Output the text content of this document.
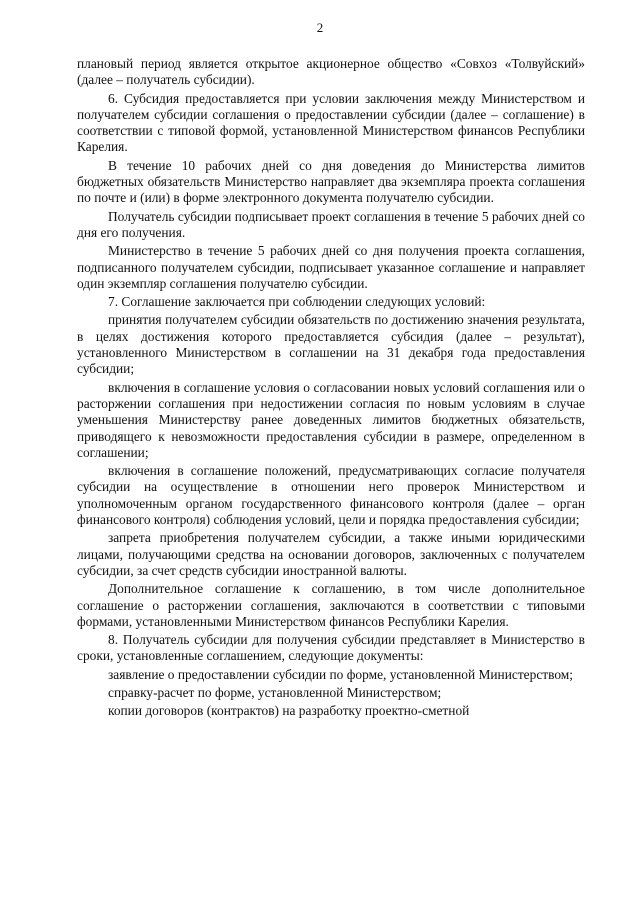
2

плановый период является открытое акционерное общество «Совхоз «Толвуйский» (далее – получатель субсидии).

6. Субсидия предоставляется при условии заключения между Министерством и получателем субсидии соглашения о предоставлении субсидии (далее – соглашение) в соответствии с типовой формой, установленной Министерством финансов Республики Карелия.

В течение 10 рабочих дней со дня доведения до Министерства лимитов бюджетных обязательств Министерство направляет два экземпляра проекта соглашения по почте и (или) в форме электронного документа получателю субсидии.

Получатель субсидии подписывает проект соглашения в течение 5 рабочих дней со дня его получения.

Министерство в течение 5 рабочих дней со дня получения проекта соглашения, подписанного получателем субсидии, подписывает указанное соглашение и направляет один экземпляр соглашения получателю субсидии.

7. Соглашение заключается при соблюдении следующих условий:

принятия получателем субсидии обязательств по достижению значения результата, в целях достижения которого предоставляется субсидия (далее – результат), установленного Министерством в соглашении на 31 декабря года предоставления субсидии;

включения в соглашение условия о согласовании новых условий соглашения или о расторжении соглашения при недостижении согласия по новым условиям в случае уменьшения Министерству ранее доведенных лимитов бюджетных обязательств, приводящего к невозможности предоставления субсидии в размере, определенном в соглашении;

включения в соглашение положений, предусматривающих согласие получателя субсидии на осуществление в отношении него проверок Министерством и уполномоченным органом государственного финансового контроля (далее – орган финансового контроля) соблюдения условий, цели и порядка предоставления субсидии;

запрета приобретения получателем субсидии, а также иными юридическими лицами, получающими средства на основании договоров, заключенных с получателем субсидии, за счет средств субсидии иностранной валюты.

Дополнительное соглашение к соглашению, в том числе дополнительное соглашение о расторжении соглашения, заключаются в соответствии с типовыми формами, установленными Министерством финансов Республики Карелия.

8. Получатель субсидии для получения субсидии представляет в Министерство в сроки, установленные соглашением, следующие документы:

заявление о предоставлении субсидии по форме, установленной Министерством;

справку-расчет по форме, установленной Министерством;

копии договоров (контрактов) на разработку проектно-сметной
